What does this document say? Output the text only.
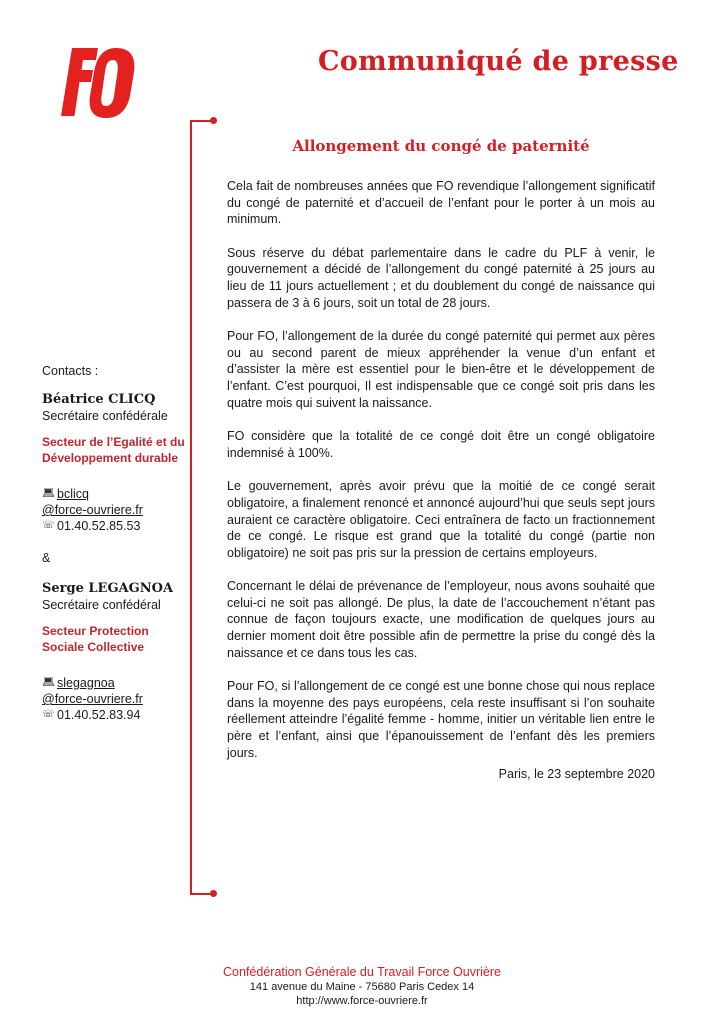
Communiqué de presse
Allongement du congé de paternité

Cela fait de nombreuses années que FO revendique l’allongement significatif du congé de paternité et d’accueil de l’enfant pour le porter à un mois au minimum.

Sous réserve du débat parlementaire dans le cadre du PLF à venir, le gouvernement a décidé de l’allongement du congé paternité à 25 jours au lieu de 11 jours actuellement ; et du doublement du congé de naissance qui passera de 3 à 6 jours, soit un total de 28 jours.

Pour FO, l’allongement de la durée du congé paternité qui permet aux pères ou au second parent de mieux appréhender la venue d’un enfant et d’assister la mère est essentiel pour le bien-être et le développement de l’enfant. C’est pourquoi, Il est indispensable que ce congé soit pris dans les quatre mois qui suivent la naissance.

FO considère que la totalité de ce congé doit être un congé obligatoire indemnisé à 100%.

Le gouvernement, après avoir prévu que la moitié de ce congé serait obligatoire, a finalement renoncé et annoncé aujourd’hui que seuls sept jours auraient ce caractère obligatoire. Ceci entraînera de facto un fractionnement de ce congé. Le risque est grand que la totalité du congé (partie non obligatoire) ne soit pas pris sur la pression de certains employeurs.

Concernant le délai de prévenance de l’employeur, nous avons souhaité que celui-ci ne soit pas allongé. De plus, la date de l’accouchement n’étant pas connue de façon toujours exacte, une modification de quelques jours au dernier moment doit être possible afin de permettre la prise du congé dès la naissance et ce dans tous les cas.

Pour FO, si l’allongement de ce congé est une bonne chose qui nous replace dans la moyenne des pays européens, cela reste insuffisant si l’on souhaite réellement atteindre l’égalité femme - homme, initier un véritable lien entre le père et l’enfant, ainsi que l’épanouissement de l’enfant dès les premiers jours.

Paris, le 23 septembre 2020
Contacts :
Béatrice CLICQ
Secrétaire confédérale
Secteur de l’Egalité et du
Développement durable
💻︎ bclicq
@force-ouvriere.fr
☏ 01.40.52.85.53
&
Serge LEGAGNOA
Secrétaire confédéral
Secteur Protection
Sociale Collective
💻︎ slegagnoa
@force-ouvriere.fr
☏ 01.40.52.83.94
Confédération Générale du Travail Force Ouvrière
141 avenue du Maine - 75680 Paris Cedex 14
http://www.force-ouvriere.fr
